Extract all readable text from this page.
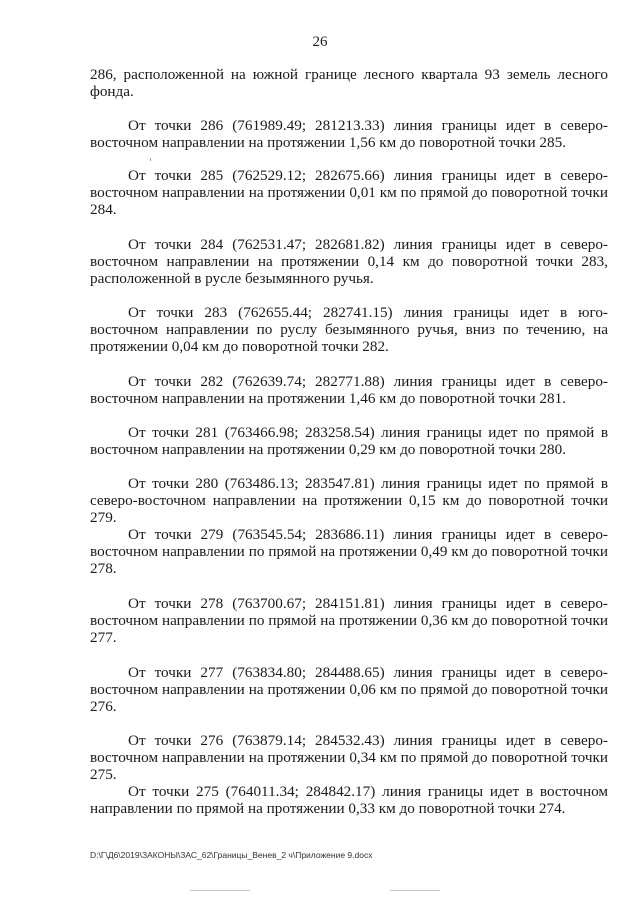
26

286, расположенной на южной границе лесного квартала 93 земель лесного фонда.

От точки 286 (761989.49; 281213.33) линия границы идет в северо-восточном направлении на протяжении 1,56 км до поворотной точки 285.

От точки 285 (762529.12; 282675.66) линия границы идет в северо-восточном направлении на протяжении 0,01 км по прямой до поворотной точки 284.

От точки 284 (762531.47; 282681.82) линия границы идет в северо-восточном направлении на протяжении 0,14 км до поворотной точки 283, расположенной в русле безымянного ручья.

От точки 283 (762655.44; 282741.15) линия границы идет в юго-восточном направлении по руслу безымянного ручья, вниз по течению, на протяжении 0,04 км до поворотной точки 282.

От точки 282 (762639.74; 282771.88) линия границы идет в северо-восточном направлении на протяжении 1,46 км до поворотной точки 281.

От точки 281 (763466.98; 283258.54) линия границы идет по прямой в восточном направлении на протяжении 0,29 км до поворотной точки 280.

От точки 280 (763486.13; 283547.81) линия границы идет по прямой в северо-восточном направлении на протяжении 0,15 км до поворотной точки 279.

От точки 279 (763545.54; 283686.11) линия границы идет в северо-восточном направлении по прямой на протяжении 0,49 км до поворотной точки 278.

От точки 278 (763700.67; 284151.81) линия границы идет в северо-восточном направлении по прямой на протяжении 0,36 км до поворотной точки 277.

От точки 277 (763834.80; 284488.65) линия границы идет в северо-восточном направлении на протяжении 0,06 км по прямой до поворотной точки 276.

От точки 276 (763879.14; 284532.43) линия границы идет в северо-восточном направлении на протяжении 0,34 км по прямой до поворотной точки 275.

От точки 275 (764011.34; 284842.17) линия границы идет в восточном направлении по прямой на протяжении 0,33 км до поворотной точки 274.

D:\Г\Д6\2019\ЗАКОНЫ\ЗАС_62\Границы_Венев_2 ч\Приложение 9.docx
